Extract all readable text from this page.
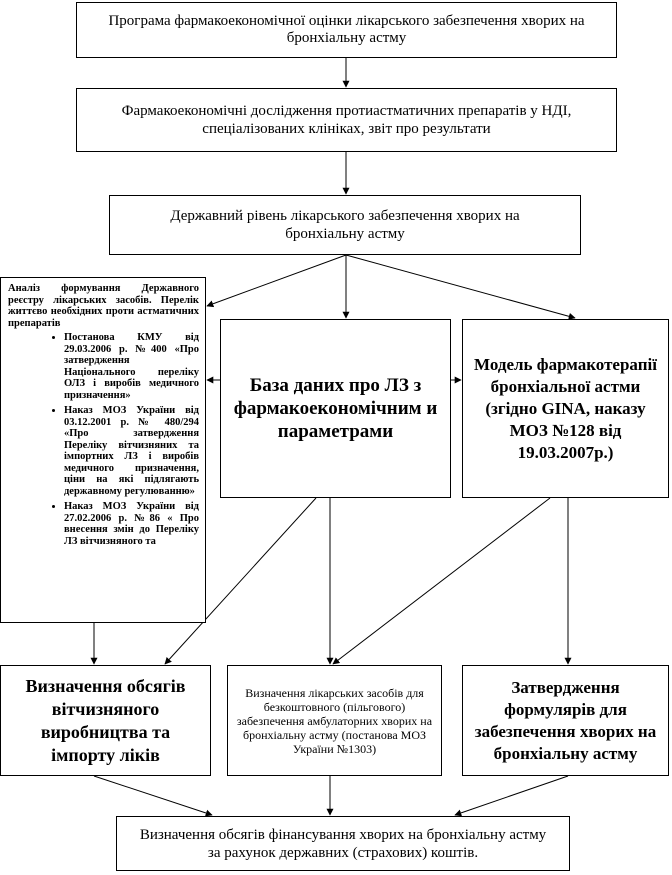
Програма фармакоекономічної оцінки лікарського забезпечення хворих на бронхіальну астму
Фармакоекономічні дослідження протиастматичних препаратів у НДІ, спеціалізованих клініках, звіт про результати
Державний рівень лікарського забезпечення хворих на бронхіальну астму

Аналіз формування Державного реєстру лікарських засобів. Перелік життєво необхідних проти астматичних препаратів

• Постанова КМУ від 29.03.2006 р. №400 «Про затвердження Національного переліку ОЛЗ і виробів медичного призначення»
• Наказ МОЗ України від 03.12.2001 р. № 480/294 «Про затвердження Переліку вітчизняних та імпортних ЛЗ і виробів медичного призначення, ціни на які підлягають державному регулюванню»
• Наказ МОЗ України від 27.02.2006 р. №86 « Про внесення змін до Переліку ЛЗ вітчизняного та
База даних про ЛЗ з фармакоекономічним и параметрами
Модель фармакотерапії бронхіальної астми (згідно GINA, наказу МОЗ №128 від 19.03.2007р.)
Визначення обсягів вітчизняного виробництва та імпорту ліків
Визначення лікарських засобів для безкоштовного (пільгового) забезпечення амбулаторних хворих на бронхіальну астму (постанова МОЗ України №1303)
Затвердження формулярів для забезпечення хворих на бронхіальну астму
Визначення обсягів фінансування хворих на бронхіальну астму за рахунок державних (страхових) коштів.
